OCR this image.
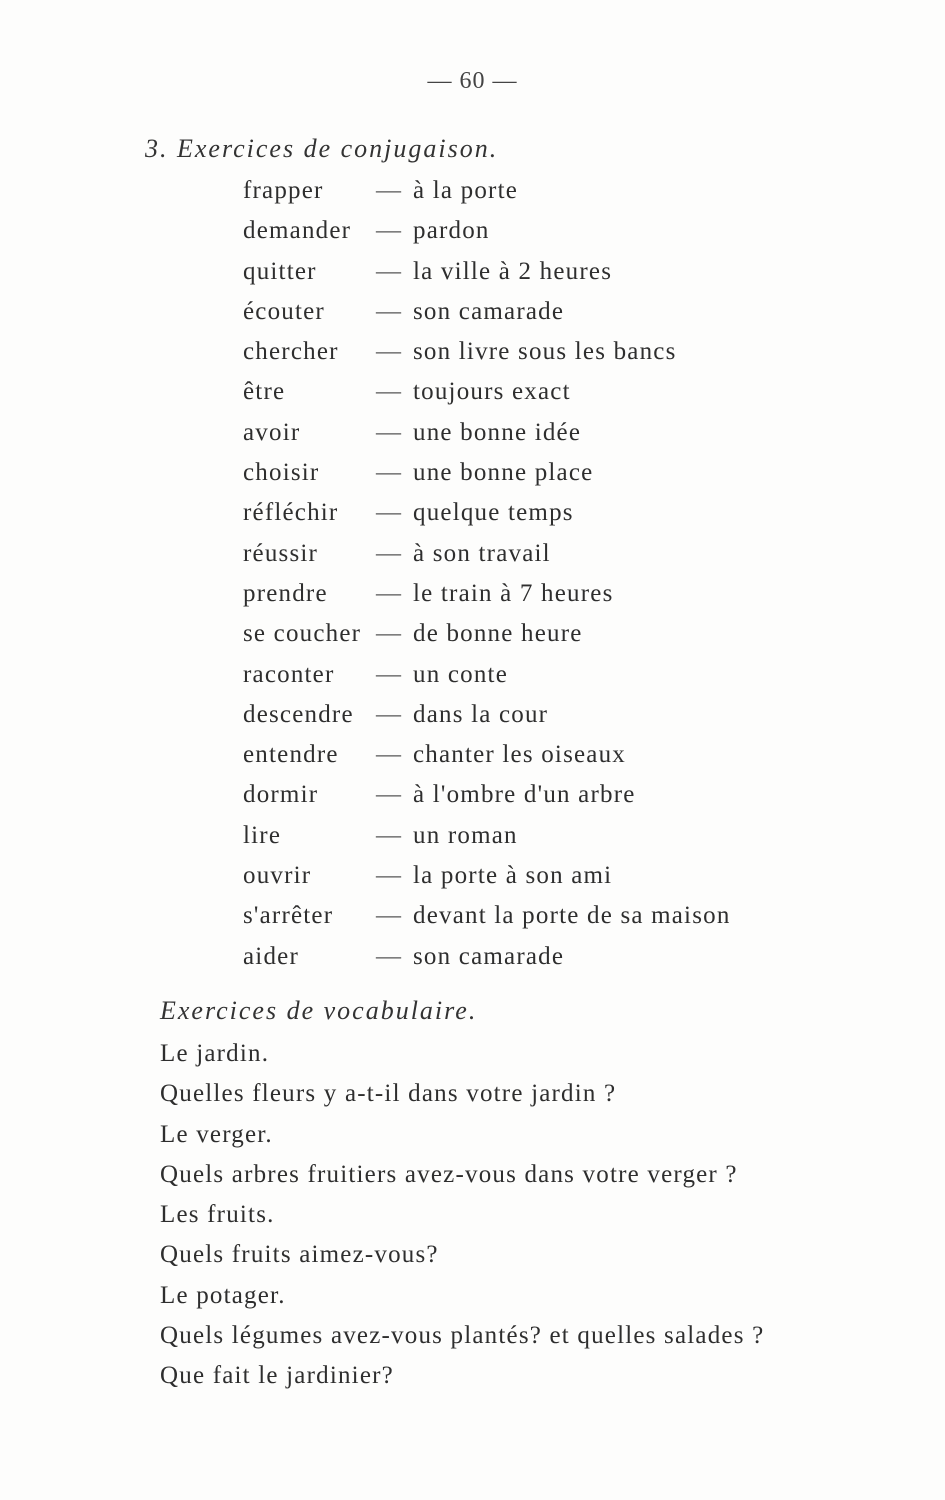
— 60 —
3. Exercices de conjugaison.
frapper — à la porte
demander — pardon
quitter — la ville à 2 heures
écouter — son camarade
chercher — son livre sous les bancs
être	— toujours exact
avoir	— une bonne idée
choisir — une bonne place
réfléchir — quelque temps
réussir — à son travail
prendre — le train à 7 heures
se coucher — de bonne heure
raconter — un conte
descendre — dans la cour
entendre — chanter les oiseaux
dormir — à l'ombre d'un arbre
lire	— un roman
ouvrir	— la porte à son ami
s'arrêter — devant la porte de sa maison
aider	— son camarade
Exercices de vocabulaire.
Le jardin.
Quelles fleurs y a-t-il dans votre jardin ?
Le verger.
Quels arbres fruitiers avez-vous dans votre verger ?
Les fruits.
Quels fruits aimez-vous?
Le potager.
Quels légumes avez-vous plantés? et quelles salades ?
Que fait le jardinier?
